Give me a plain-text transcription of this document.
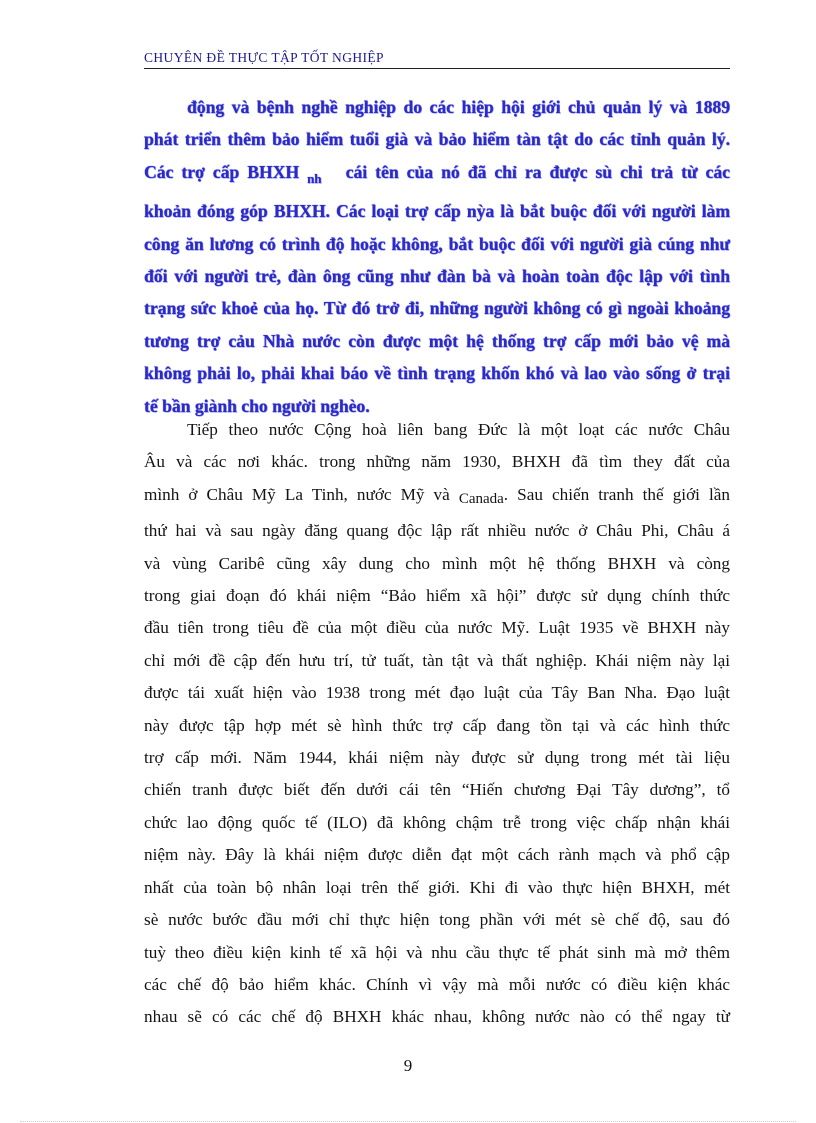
CHUYÊN ĐỀ THỰC TẬP TỐT NGHIỆP
động và bệnh nghề nghiệp do các hiệp hội giới chủ quản lý và 1889
phát triển thêm bảo hiểm tuổi già và bảo hiểm tàn tật do các tỉnh quản lý.
Các trợ cấp BHXH $_{nh}$ cái tên của nó đã chỉ ra được sù chi trả từ các
khoản đóng góp BHXH. Các loại trợ cấp nỳa là bắt buộc đối với người làm
công ăn lương có trình độ hoặc không, bắt buộc đối với người già cúng như
đối với người trẻ, đàn ông cũng như đàn bà và hoàn toàn độc lập với tình
trạng sức khoẻ của họ. Từ đó trở đi, những người không có gì ngoài khoảng
tương trợ cảu Nhà nước còn được một hệ thống trợ cấp mới bảo vệ mà
không phải lo, phải khai báo về tình trạng khốn khó và lao vào sống ở trại
tế bần giành cho người nghèo.
Tiếp theo nước Cộng hoà liên bang Đức là một loạt các nước Châu
Âu và các nơi khác. trong những năm 1930, BHXH đã tìm they đất của
mình ở Châu Mỹ La Tinh, nước Mỹ và Canada. Sau chiến tranh thế giới lần
thứ hai và sau ngày đăng quang độc lập rất nhiều nước ở Châu Phi, Châu á
và vùng Caribê cũng xây dung cho mình một hệ thống BHXH và còng
trong giai đoạn đó khái niệm “Bảo hiểm xã hội” được sử dụng chính thức
đầu tiên trong tiêu đề của một điều của nước Mỹ. Luật 1935 về BHXH này
chỉ mới đề cập đến hưu trí, tử tuất, tàn tật và thất nghiệp. Khái niệm này lại
được tái xuất hiện vào 1938 trong mét đạo luật của Tây Ban Nha. Đạo luật
này được tập hợp mét sè hình thức trợ cấp đang tồn tại và các hình thức
trợ cấp mới. Năm 1944, khái niệm này được sử dụng trong mét tài liệu
chiến tranh được biết đến dưới cái tên “Hiến chương Đại Tây dương”, tổ
chức lao động quốc tế (ILO) đã không chậm trễ trong việc chấp nhận khái
niệm này. Đây là khái niệm được diễn đạt một cách rành mạch và phổ cập
nhất của toàn bộ nhân loại trên thế giới. Khi đi vào thực hiện BHXH, mét
sè nước bước đầu mới chỉ thực hiện tong phần với mét sè chế độ, sau đó
tuỳ theo điều kiện kinh tế xã hội và nhu cầu thực tế phát sinh mà mở thêm
các chế độ bảo hiểm khác. Chính vì vậy mà mỗi nước có điều kiện khác
nhau sẽ có các chế độ BHXH khác nhau, không nước nào có thể ngay từ
9
